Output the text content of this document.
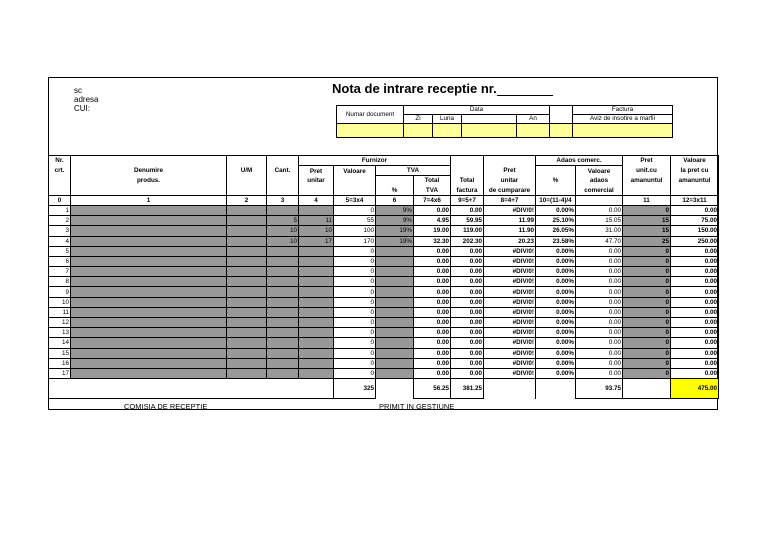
sc
adresa
CUI:
Nota de intrare receptie nr.
Numar document	Data					Factura
	Zi	Luna		An		Aviz de insotire a marfii

Nr.				Furnizor						Adaos comerc.		Pret	Valoare
crt.	Denumire	U/M	Cant.	Pret	Valoare	TVA			Pret		Valoare	unit.cu	la pret cu
	produs.			unitar			Total	Total	unitar	%	adaos	amanuntul	amanuntul
						%	TVA	factura	de cumparare		comercial		
0	1	2	3	4	5=3x4	6	7=4x6	9=5+7	8=4+7	10=(11-4)/4		11	12=3x11
1					0	9%	0.00	0.00	#DIV/0!	0.00%	0.00	0	0.00
2			5	11	55	9%	4.95	59.95	11.99	25.10%	15.05	15	75.00
3			10	10	100	19%	19.00	119.00	11.90	26.05%	31.00	15	150.00
4			10	17	170	19%	32.30	202.30	20.23	23.58%	47.70	25	250.00
5					0		0.00	0.00	#DIV/0!	0.00%	0.00	0	0.00
6					0		0.00	0.00	#DIV/0!	0.00%	0.00	0	0.00
7					0		0.00	0.00	#DIV/0!	0.00%	0.00	0	0.00
8					0		0.00	0.00	#DIV/0!	0.00%	0.00	0	0.00
9					0		0.00	0.00	#DIV/0!	0.00%	0.00	0	0.00
10					0		0.00	0.00	#DIV/0!	0.00%	0.00	0	0.00
11					0		0.00	0.00	#DIV/0!	0.00%	0.00	0	0.00
12					0		0.00	0.00	#DIV/0!	0.00%	0.00	0	0.00
13					0		0.00	0.00	#DIV/0!	0.00%	0.00	0	0.00
14					0		0.00	0.00	#DIV/0!	0.00%	0.00	0	0.00
15					0		0.00	0.00	#DIV/0!	0.00%	0.00	0	0.00
16					0		0.00	0.00	#DIV/0!	0.00%	0.00	0	0.00
17					0		0.00	0.00	#DIV/0!	0.00%	0.00	0	0.00
					325		56.25	381.25			93.75		475.00
COMISIA DE RECEPTIE	PRIMIT IN GESTIUNE
